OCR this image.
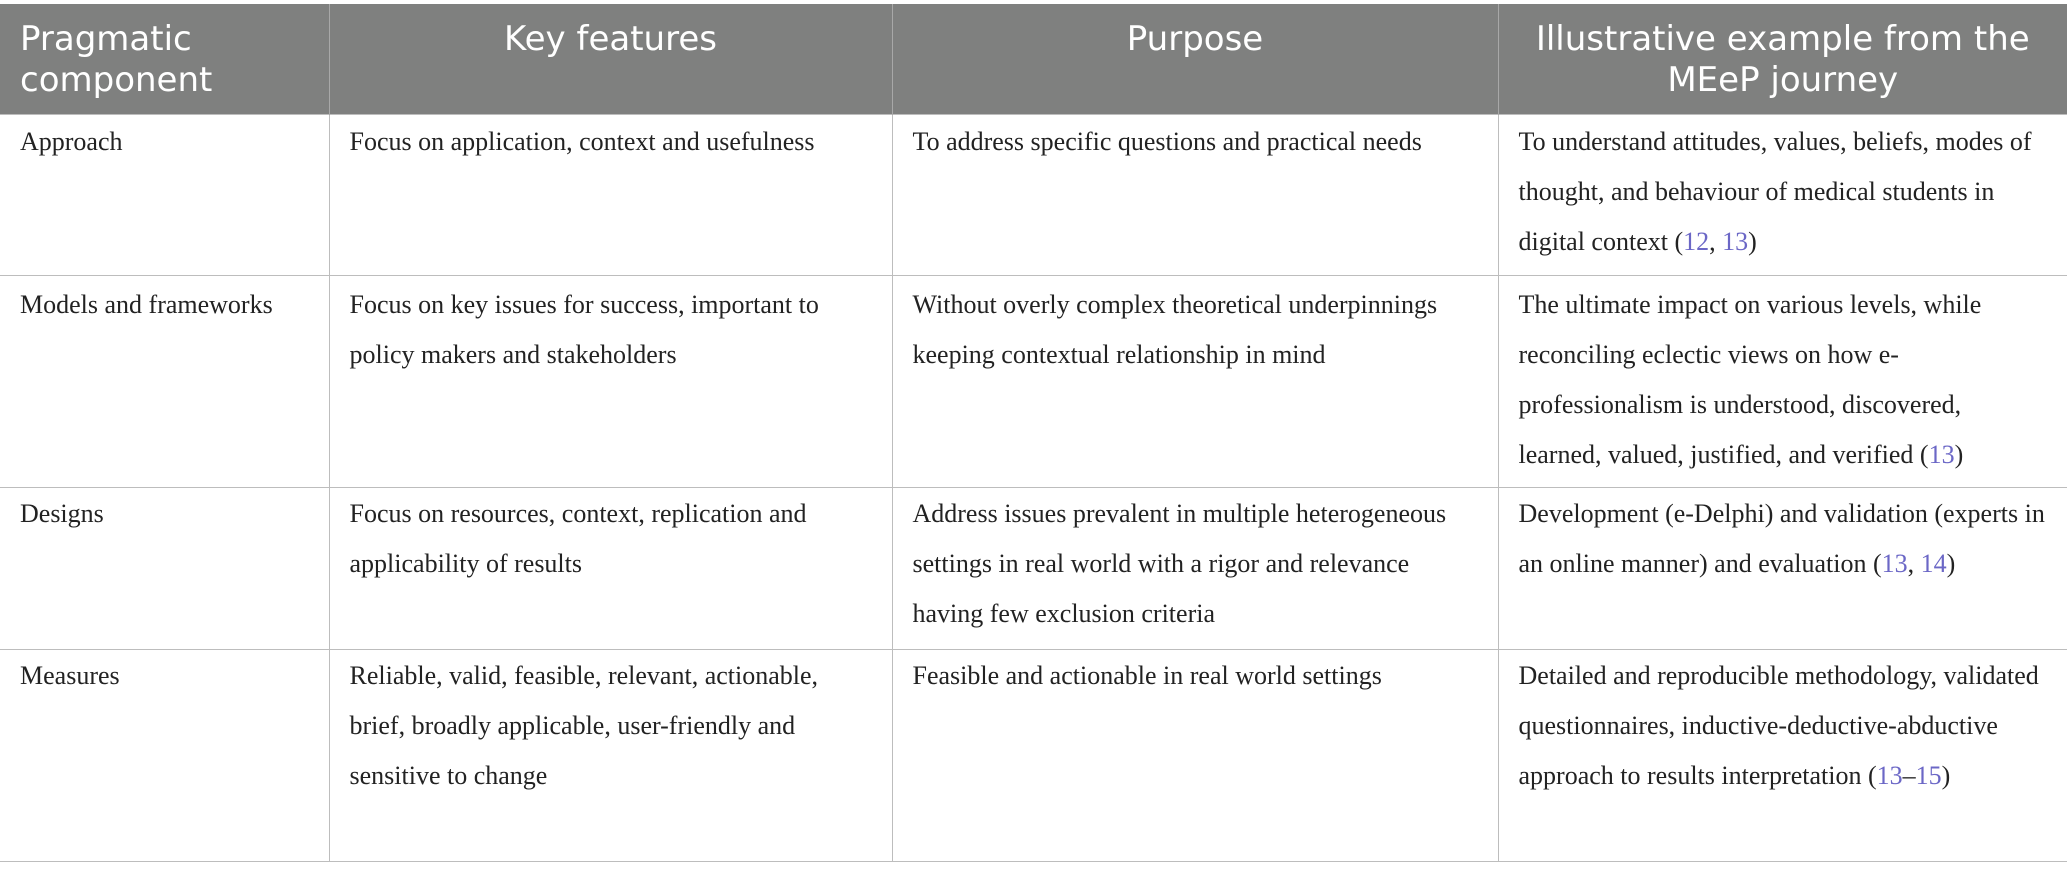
Pragmatic component	Key features	Purpose	Illustrative example from the MEeP journey
Approach	Focus on application, context and usefulness	To address specific questions and practical needs	To understand attitudes, values, beliefs, modes of thought, and behaviour of medical students in digital context (12, 13)
Models and frameworks	Focus on key issues for success, important to policy makers and stakeholders	Without overly complex theoretical underpinnings keeping contextual relationship in mind	The ultimate impact on various levels, while reconciling eclectic views on how e-professionalism is understood, discovered, learned, valued, justified, and verified (13)
Designs	Focus on resources, context, replication and applicability of results	Address issues prevalent in multiple heterogeneous settings in real world with a rigor and relevance having few exclusion criteria	Development (e-Delphi) and validation (experts in an online manner) and evaluation (13, 14)
Measures	Reliable, valid, feasible, relevant, actionable, brief, broadly applicable, user-friendly and sensitive to change	Feasible and actionable in real world settings	Detailed and reproducible methodology, validated questionnaires, inductive-deductive-abductive approach to results interpretation (13–15)
